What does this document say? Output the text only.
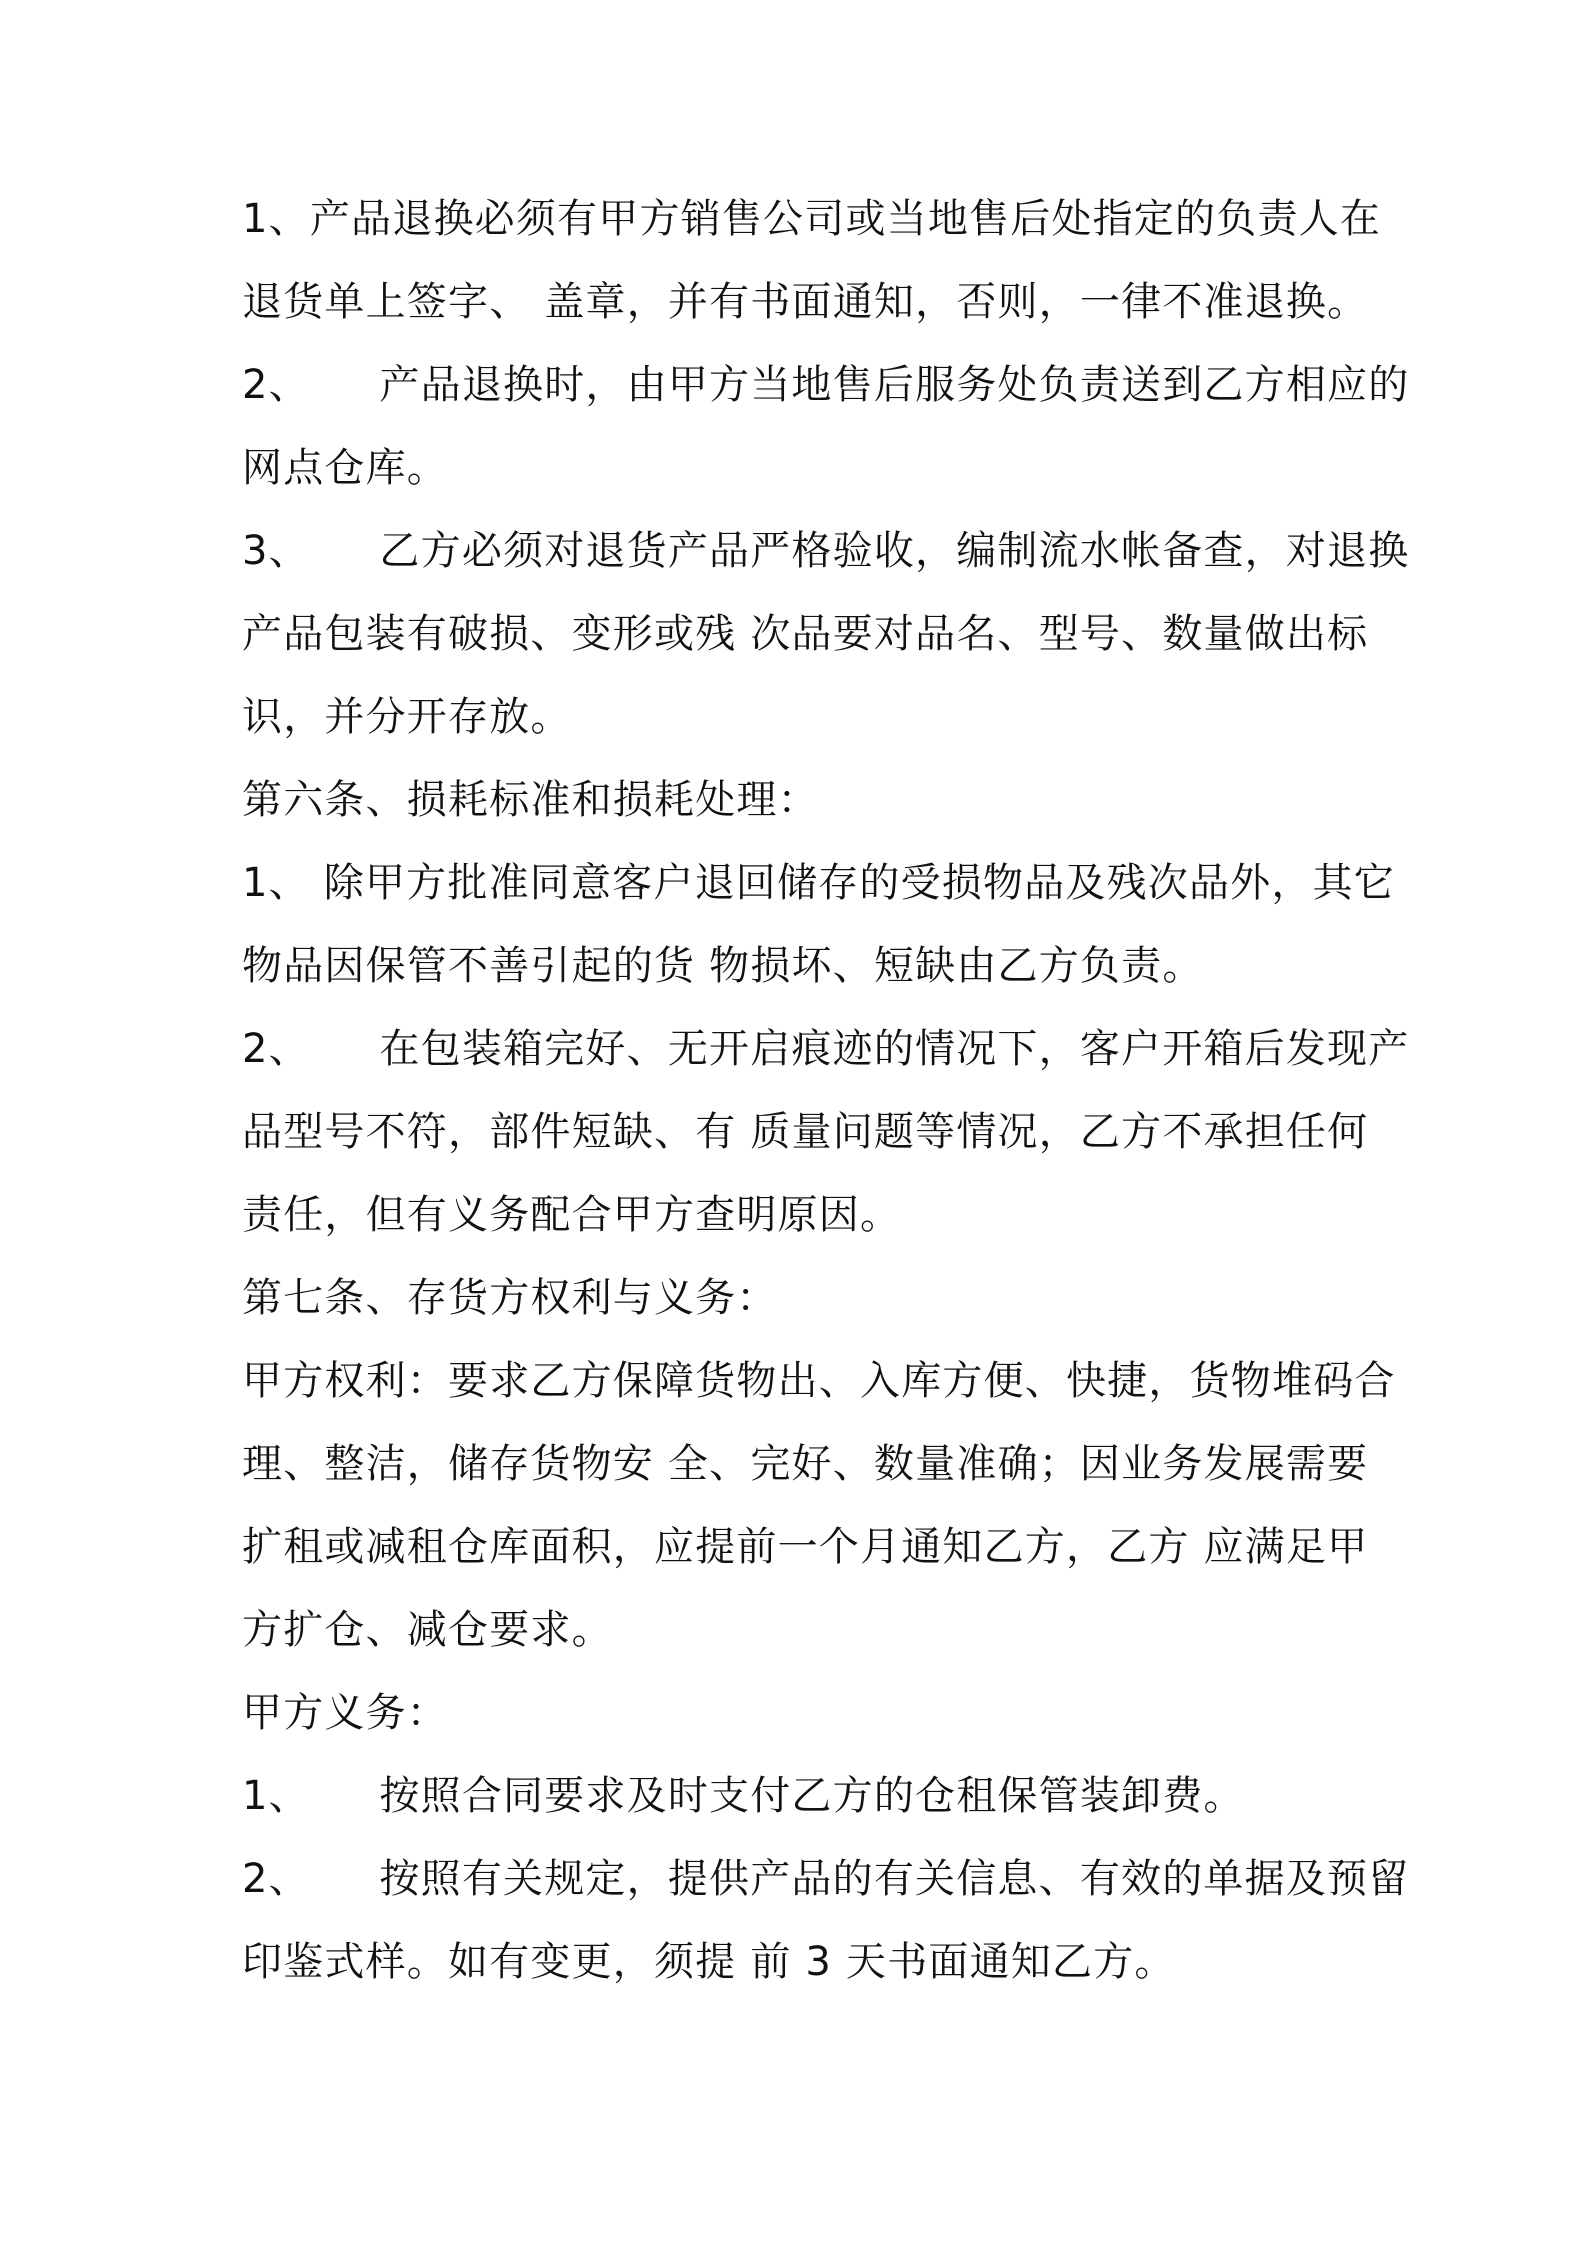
1、产品退换必须有甲方销售公司或当地售后处指定的负责人在
退货单上签字、 盖章，并有书面通知，否则，一律不准退换。
2、     产品退换时，由甲方当地售后服务处负责送到乙方相应的
网点仓库。
3、     乙方必须对退货产品严格验收，编制流水帐备查，对退换
产品包装有破损、变形或残 次品要对品名、型号、数量做出标
识，并分开存放。
第六条、损耗标准和损耗处理：
1、 除甲方批准同意客户退回储存的受损物品及残次品外，其它
物品因保管不善引起的货 物损坏、短缺由乙方负责。
2、     在包装箱完好、无开启痕迹的情况下，客户开箱后发现产
品型号不符，部件短缺、有 质量问题等情况，乙方不承担任何
责任，但有义务配合甲方查明原因。
第七条、存货方权利与义务：
甲方权利：要求乙方保障货物出、入库方便、快捷，货物堆码合
理、整洁，储存货物安 全、完好、数量准确；因业务发展需要
扩租或减租仓库面积，应提前一个月通知乙方，乙方 应满足甲
方扩仓、减仓要求。
甲方义务：
1、     按照合同要求及时支付乙方的仓租保管装卸费。
2、     按照有关规定，提供产品的有关信息、有效的单据及预留
印鉴式样。如有变更，须提 前 3 天书面通知乙方。
